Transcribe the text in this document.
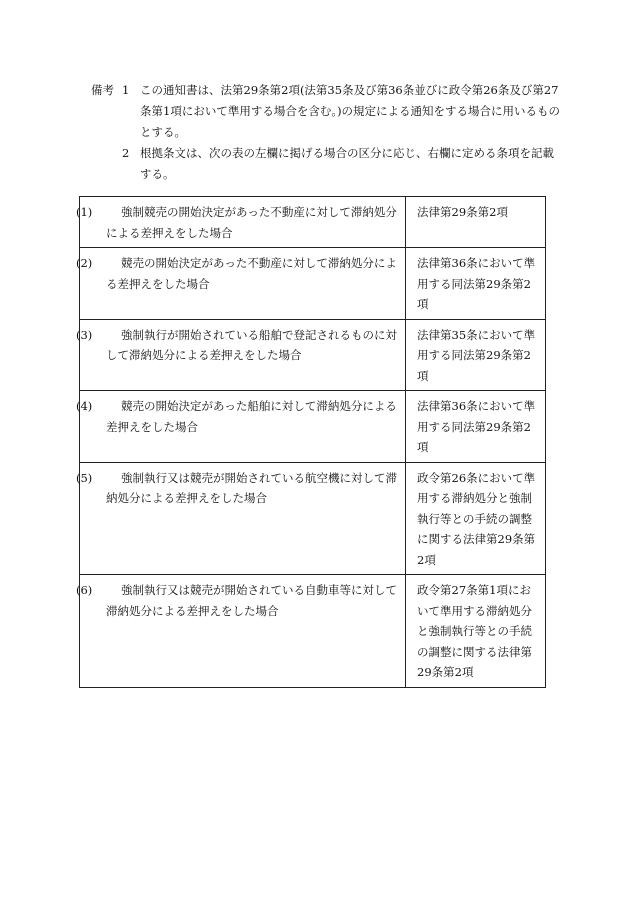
備考 1 この通知書は、法第29条第2項(法第35条及び第36条並びに政令第26条及び第27条第1項において準用する場合を含む。)の規定による通知をする場合に用いるものとする。
2 根拠条文は、次の表の左欄に掲げる場合の区分に応じ、右欄に定める条項を記載する。
(1) 強制競売の開始決定があった不動産に対して滞納処分による差押えをした場合	法律第29条第2項

(2) 競売の開始決定があった不動産に対して滞納処分による差押えをした場合	法律第36条において準用する同法第29条第2項

(3) 強制執行が開始されている船舶で登記されるものに対して滞納処分による差押えをした場合	法律第35条において準用する同法第29条第2項

(4) 競売の開始決定があった船舶に対して滞納処分による差押えをした場合	法律第36条において準用する同法第29条第2項

(5) 強制執行又は競売が開始されている航空機に対して滞納処分による差押えをした場合	政令第26条において準用する滞納処分と強制執行等との手続の調整に関する法律第29条第2項

(6) 強制執行又は競売が開始されている自動車等に対して滞納処分による差押えをした場合	政令第27条第1項において準用する滞納処分と強制執行等との手続の調整に関する法律第29条第2項
